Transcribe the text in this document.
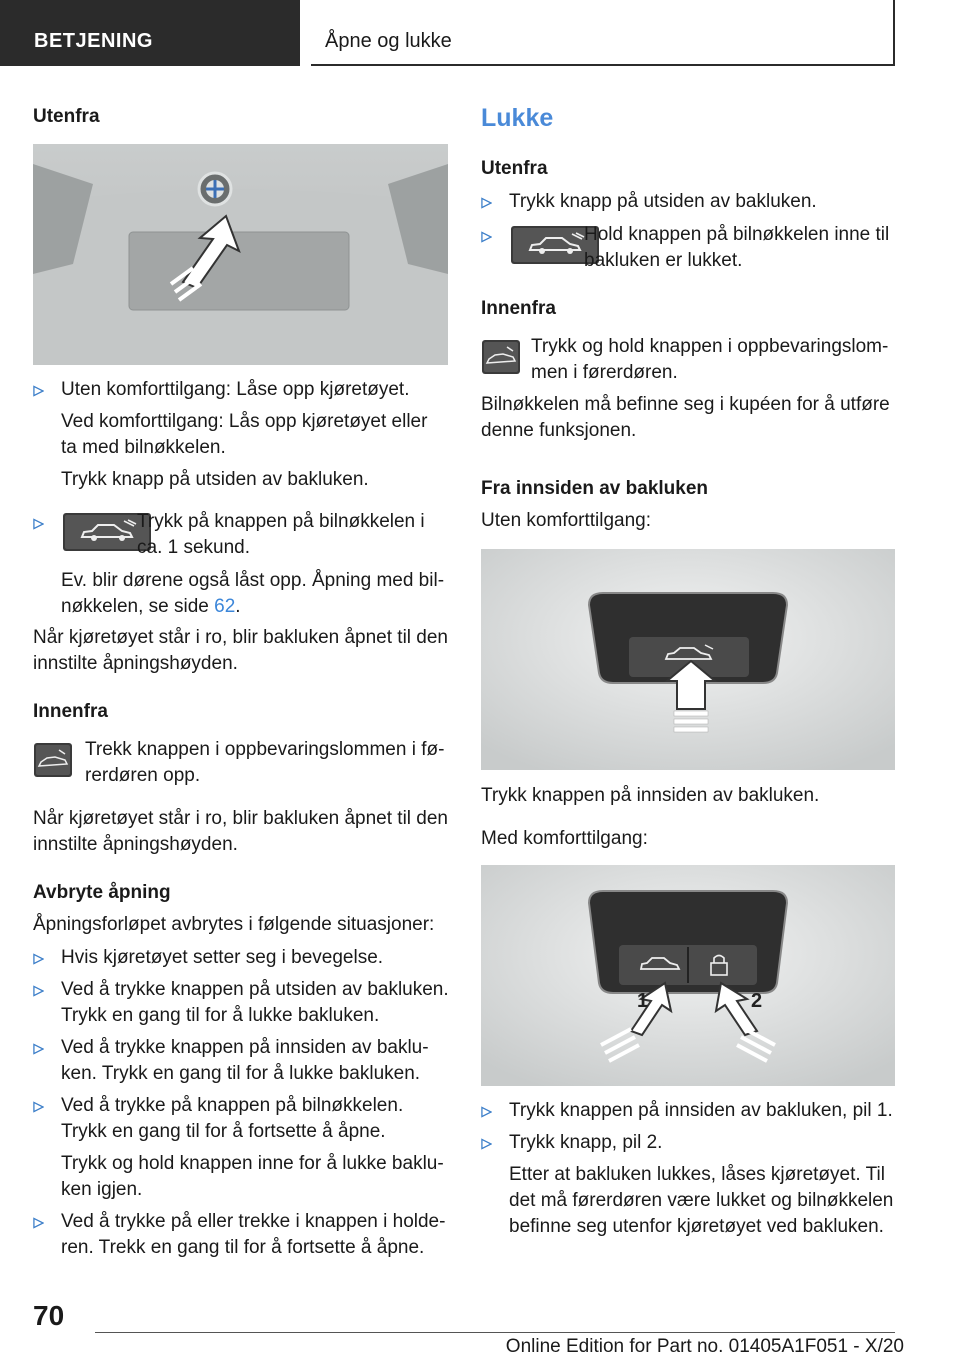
BETJENING	Åpne og lukke
Utenfra
Uten komforttilgang: Låse opp kjøretøyet.
Ved komforttilgang: Lås opp kjøretøyet eller
ta med bilnøkkelen.
Trykk knapp på utsiden av bakluken.
Trykk på knappen på bilnøkkelen i
ca. 1 sekund.
Ev. blir dørene også låst opp. Åpning med bil-
nøkkelen, se side 62.
Når kjøretøyet står i ro, blir bakluken åpnet til den
innstilte åpningshøyden.
Innenfra
Trekk knappen i oppbevaringslommen i fø-
rerdøren opp.
Når kjøretøyet står i ro, blir bakluken åpnet til den
innstilte åpningshøyden.
Avbryte åpning
Åpningsforløpet avbrytes i følgende situasjoner:
Hvis kjøretøyet setter seg i bevegelse.
Ved å trykke knappen på utsiden av bakluken.
Trykk en gang til for å lukke bakluken.
Ved å trykke knappen på innsiden av baklu-
ken. Trykk en gang til for å lukke bakluken.
Ved å trykke på knappen på bilnøkkelen.
Trykk en gang til for å fortsette å åpne.
Trykk og hold knappen inne for å lukke baklu-
ken igjen.
Ved å trykke på eller trekke i knappen i holde-
ren. Trekk en gang til for å fortsette å åpne.
Lukke
Utenfra
Trykk knapp på utsiden av bakluken.
Hold knappen på bilnøkkelen inne til
bakluken er lukket.
Innenfra
Trykk og hold knappen i oppbevaringslom-
men i førerdøren.
Bilnøkkelen må befinne seg i kupéen for å utføre
denne funksjonen.
Fra innsiden av bakluken
Uten komforttilgang:
Trykk knappen på innsiden av bakluken.
Med komforttilgang:
1	2
Trykk knappen på innsiden av bakluken, pil 1.
Trykk knapp, pil 2.
Etter at bakluken lukkes, låses kjøretøyet. Til
det må førerdøren være lukket og bilnøkkelen
befinne seg utenfor kjøretøyet ved bakluken.
70
Online Edition for Part no. 01405A1F051 - X/20
